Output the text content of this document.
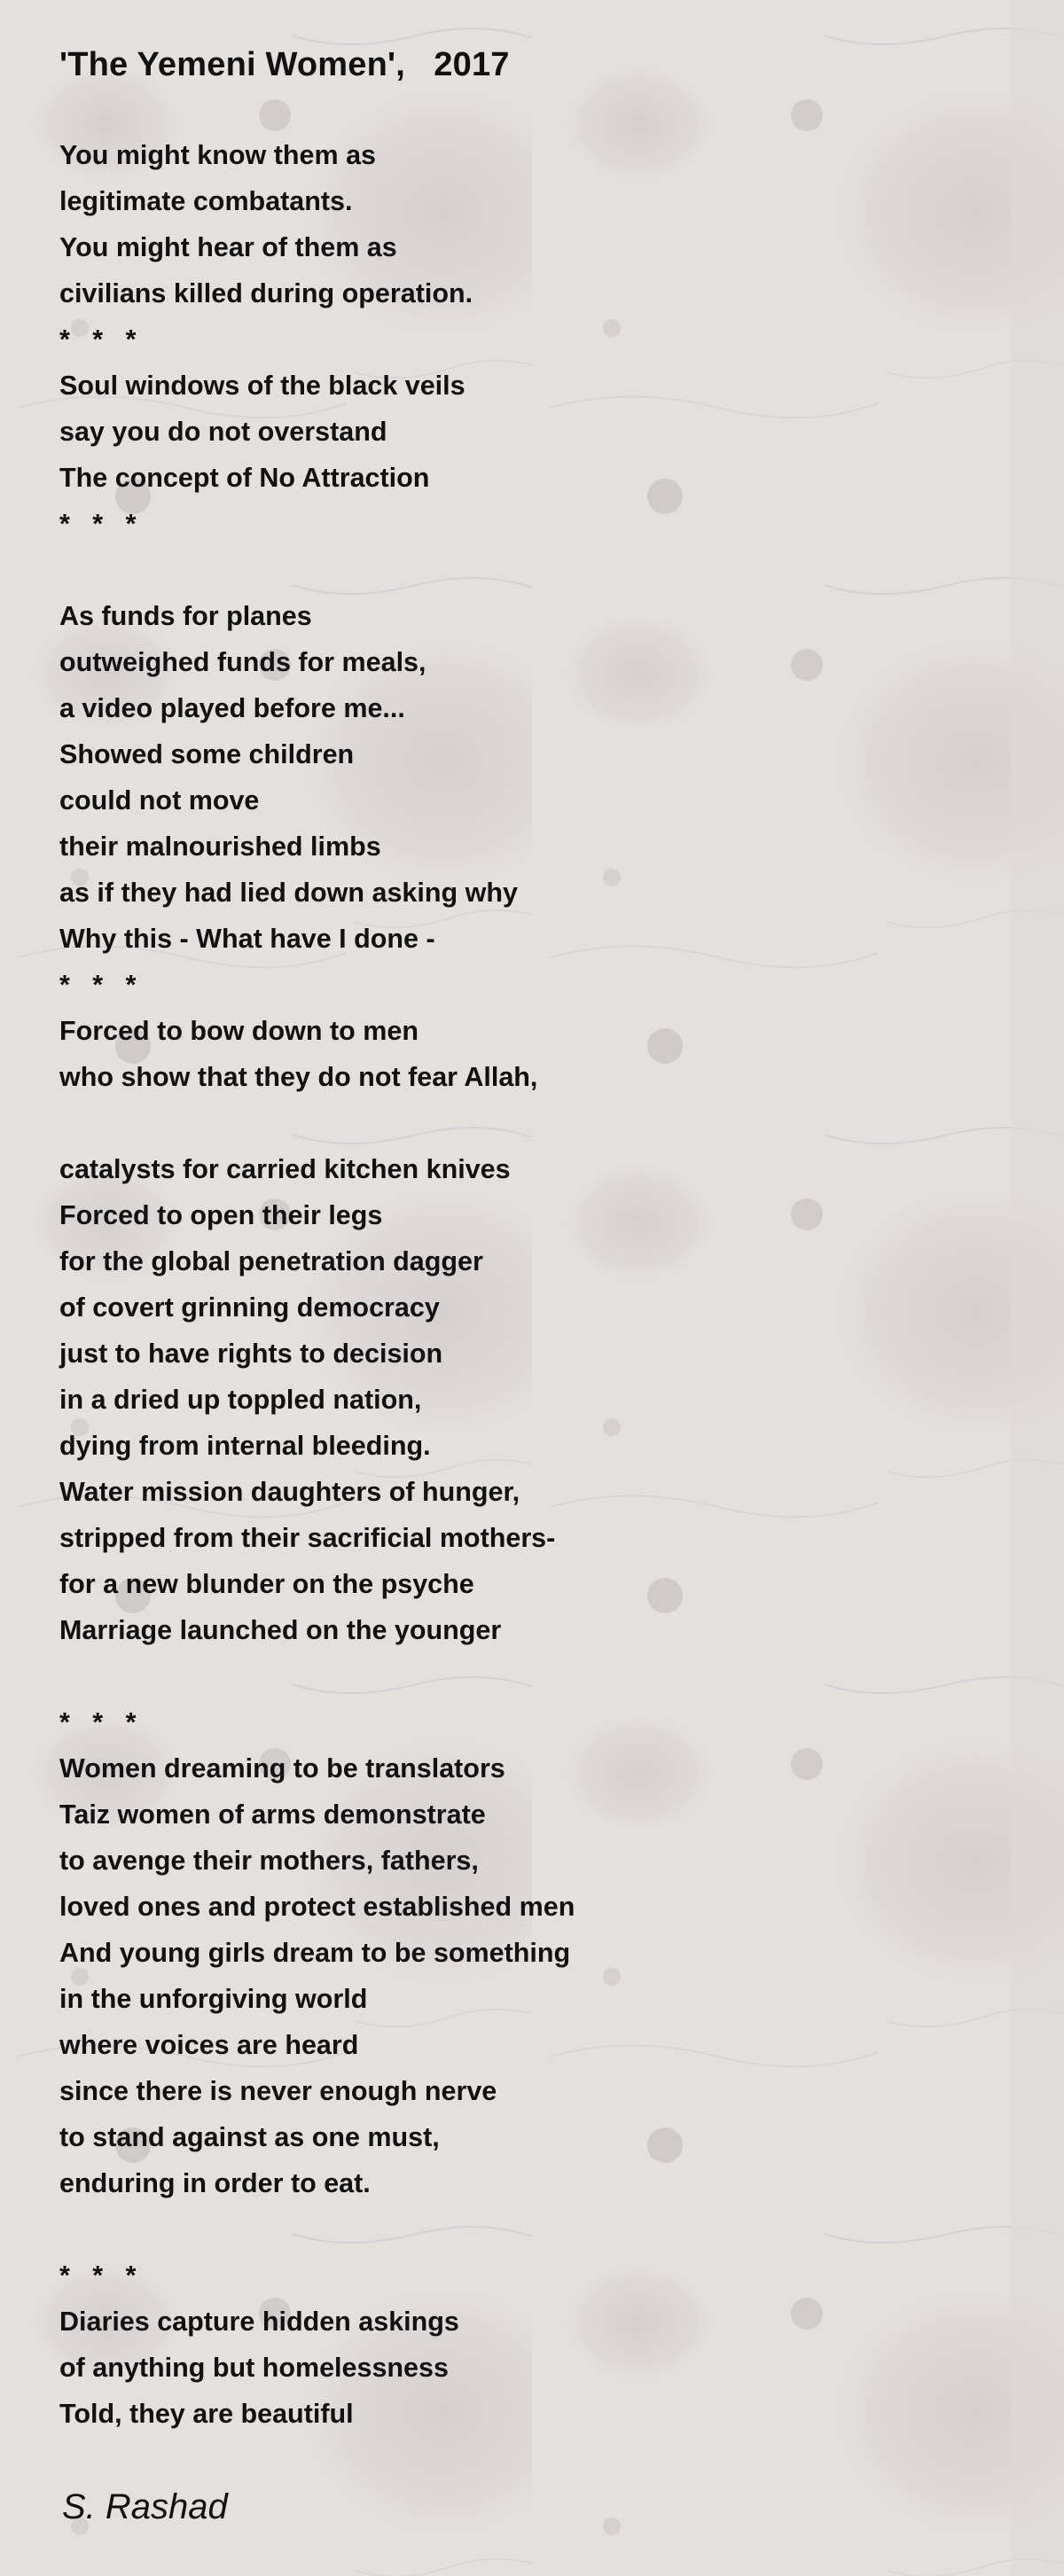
'The Yemeni Women',   2017
You might know them as
legitimate combatants.
You might hear of them as
civilians killed during operation.
*   *   *
Soul windows of the black veils
say you do not overstand
The concept of No Attraction
*   *   *
As funds for planes
outweighed funds for meals,
a video played before me...
Showed some children
could not move
their malnourished limbs
as if they had lied down asking why
Why this - What have I done -
*   *   *
Forced to bow down to men
who show that they do not fear Allah,
catalysts for carried kitchen knives
Forced to open their legs
for the global penetration dagger
of covert grinning democracy
just to have rights to decision
in a dried up toppled nation,
dying from internal bleeding.
Water mission daughters of hunger,
stripped from their sacrificial mothers-
for a new blunder on the psyche
Marriage launched on the younger
*   *   *
Women dreaming to be translators
Taiz women of arms demonstrate
to avenge their mothers, fathers,
loved ones and protect established men
And young girls dream to be something
in the unforgiving world
where voices are heard
since there is never enough nerve
to stand against as one must,
enduring in order to eat.
*   *   *
Diaries capture hidden askings
of anything but homelessness
Told, they are beautiful
S. Rashad
